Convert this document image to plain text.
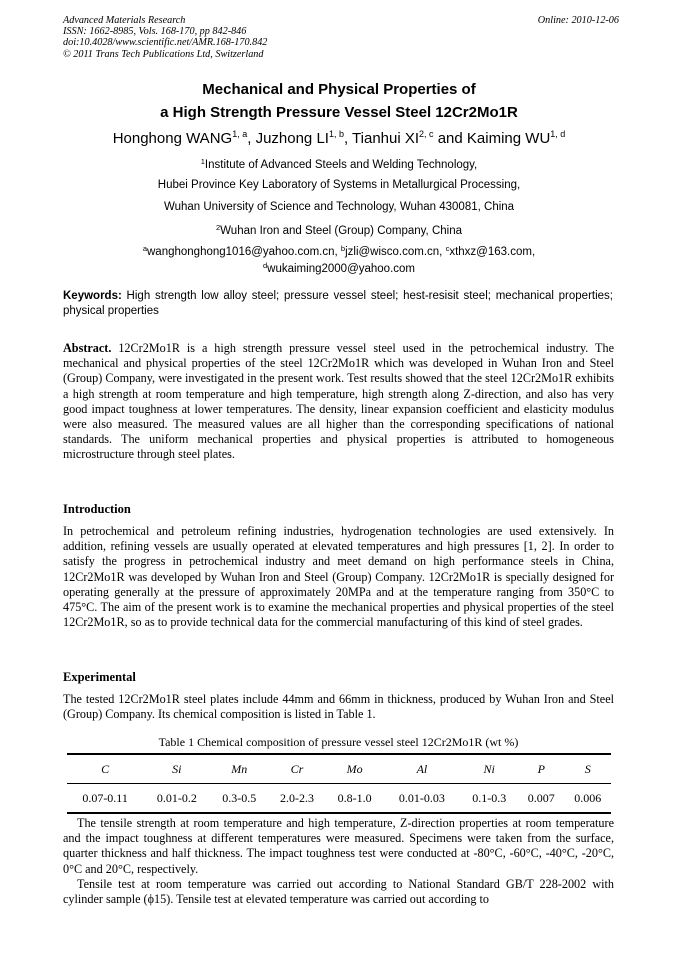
Advanced Materials Research
ISSN: 1662-8985, Vols. 168-170, pp 842-846
doi:10.4028/www.scientific.net/AMR.168-170.842
© 2011 Trans Tech Publications Ltd, Switzerland
Online: 2010-12-06
Mechanical and Physical Properties of
a High Strength Pressure Vessel Steel 12Cr2Mo1R
Honghong WANG$^{1, a}$, Juzhong LI$^{1, b}$, Tianhui XI$^{2, c}$ and Kaiming WU$^{1, d}$
$^1$Institute of Advanced Steels and Welding Technology,
Hubei Province Key Laboratory of Systems in Metallurgical Processing,
Wuhan University of Science and Technology, Wuhan 430081, China
$^2$Wuhan Iron and Steel (Group) Company, China
$^a$wanghonghong1016@yahoo.com.cn, $^b$jzli@wisco.com.cn, $^c$xthxz@163.com,
$^d$wukaiming2000@yahoo.com
Keywords: High strength low alloy steel; pressure vessel steel; hest-resisit steel; mechanical properties; physical properties

Abstract. 12Cr2Mo1R is a high strength pressure vessel steel used in the petrochemical industry. The mechanical and physical properties of the steel 12Cr2Mo1R which was developed in Wuhan Iron and Steel (Group) Company, were investigated in the present work. Test results showed that the steel 12Cr2Mo1R exhibits a high strength at room temperature and high temperature, high strength along Z-direction, and also has very good impact toughness at lower temperatures. The density, linear expansion coefficient and elasticity modulus were also measured. The measured values are all higher than the corresponding specifications of national standards. The uniform mechanical properties and physical properties is attributed to homogeneous microstructure through steel plates.

Introduction

In petrochemical and petroleum refining industries, hydrogenation technologies are used extensively. In addition, refining vessels are usually operated at elevated temperatures and high pressures [1, 2]. In order to satisfy the progress in petrochemical industry and meet demand on high performance steels in China, 12Cr2Mo1R was developed by Wuhan Iron and Steel (Group) Company. 12Cr2Mo1R is specially designed for operating generally at the pressure of approximately 20MPa and at the temperature ranging from 350°C to 475°C. The aim of the present work is to examine the mechanical properties and physical properties of the steel 12Cr2Mo1R, so as to provide technical data for the commercial manufacturing of this kind of steel grades.

Experimental

The tested 12Cr2Mo1R steel plates include 44mm and 66mm in thickness, produced by Wuhan Iron and Steel (Group) Company. Its chemical composition is listed in Table 1.

Table 1 Chemical composition of pressure vessel steel 12Cr2Mo1R (wt %)
C	Si	Mn	Cr	Mo	Al	Ni	P	S
0.07-0.11	0.01-0.2	0.3-0.5	2.0-2.3	0.8-1.0	0.01-0.03	0.1-0.3	0.007	0.006

The tensile strength at room temperature and high temperature, Z-direction properties at room temperature and the impact toughness at different temperatures were measured. Specimens were taken from the surface, quarter thickness and half thickness. The impact toughness test were conducted at -80°C, -60°C, -40°C, -20°C, 0°C and 20°C, respectively.

Tensile test at room temperature was carried out according to National Standard GB/T 228-2002 with cylinder sample (ϕ15). Tensile test at elevated temperature was carried out according to
